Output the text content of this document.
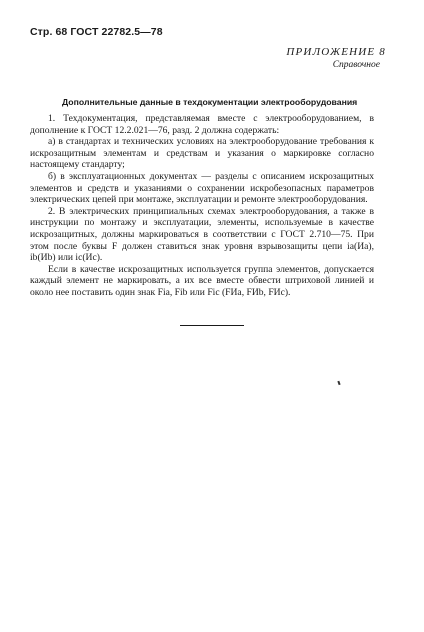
Стр. 68 ГОСТ 22782.5—78
ПРИЛОЖЕНИЕ 8
Справочное
Дополнительные данные в техдокументации электрооборудования

1. Техдокументация, представляемая вместе с электрооборудованием, в дополнение к ГОСТ 12.2.021—76, разд. 2 должна содержать:

а) в стандартах и технических условиях на электрооборудование требования к искрозащитным элементам и средствам и указания о маркировке согласно настоящему стандарту;

б) в эксплуатационных документах — разделы с описанием искрозащитных элементов и средств и указаниями о сохранении искробезопасных параметров электрических цепей при монтаже, эксплуатации и ремонте электрооборудования.

2. В электрических принципиальных схемах электрооборудования, а также в инструкции по монтажу и эксплуатации, элементы, используемые в качестве искрозащитных, должны маркироваться в соответствии с ГОСТ 2.710—75. При этом после буквы F должен ставиться знак уровня взрывозащиты цепи ia(Иa), ib(Иb) или ic(Иc).

Если в качестве искрозащитных используется группа элементов, допускается каждый элемент не маркировать, а их все вместе обвести штриховой линией и около нее поставить один знак Fia, Fib или Fic (FИa, FИb, FИc).
